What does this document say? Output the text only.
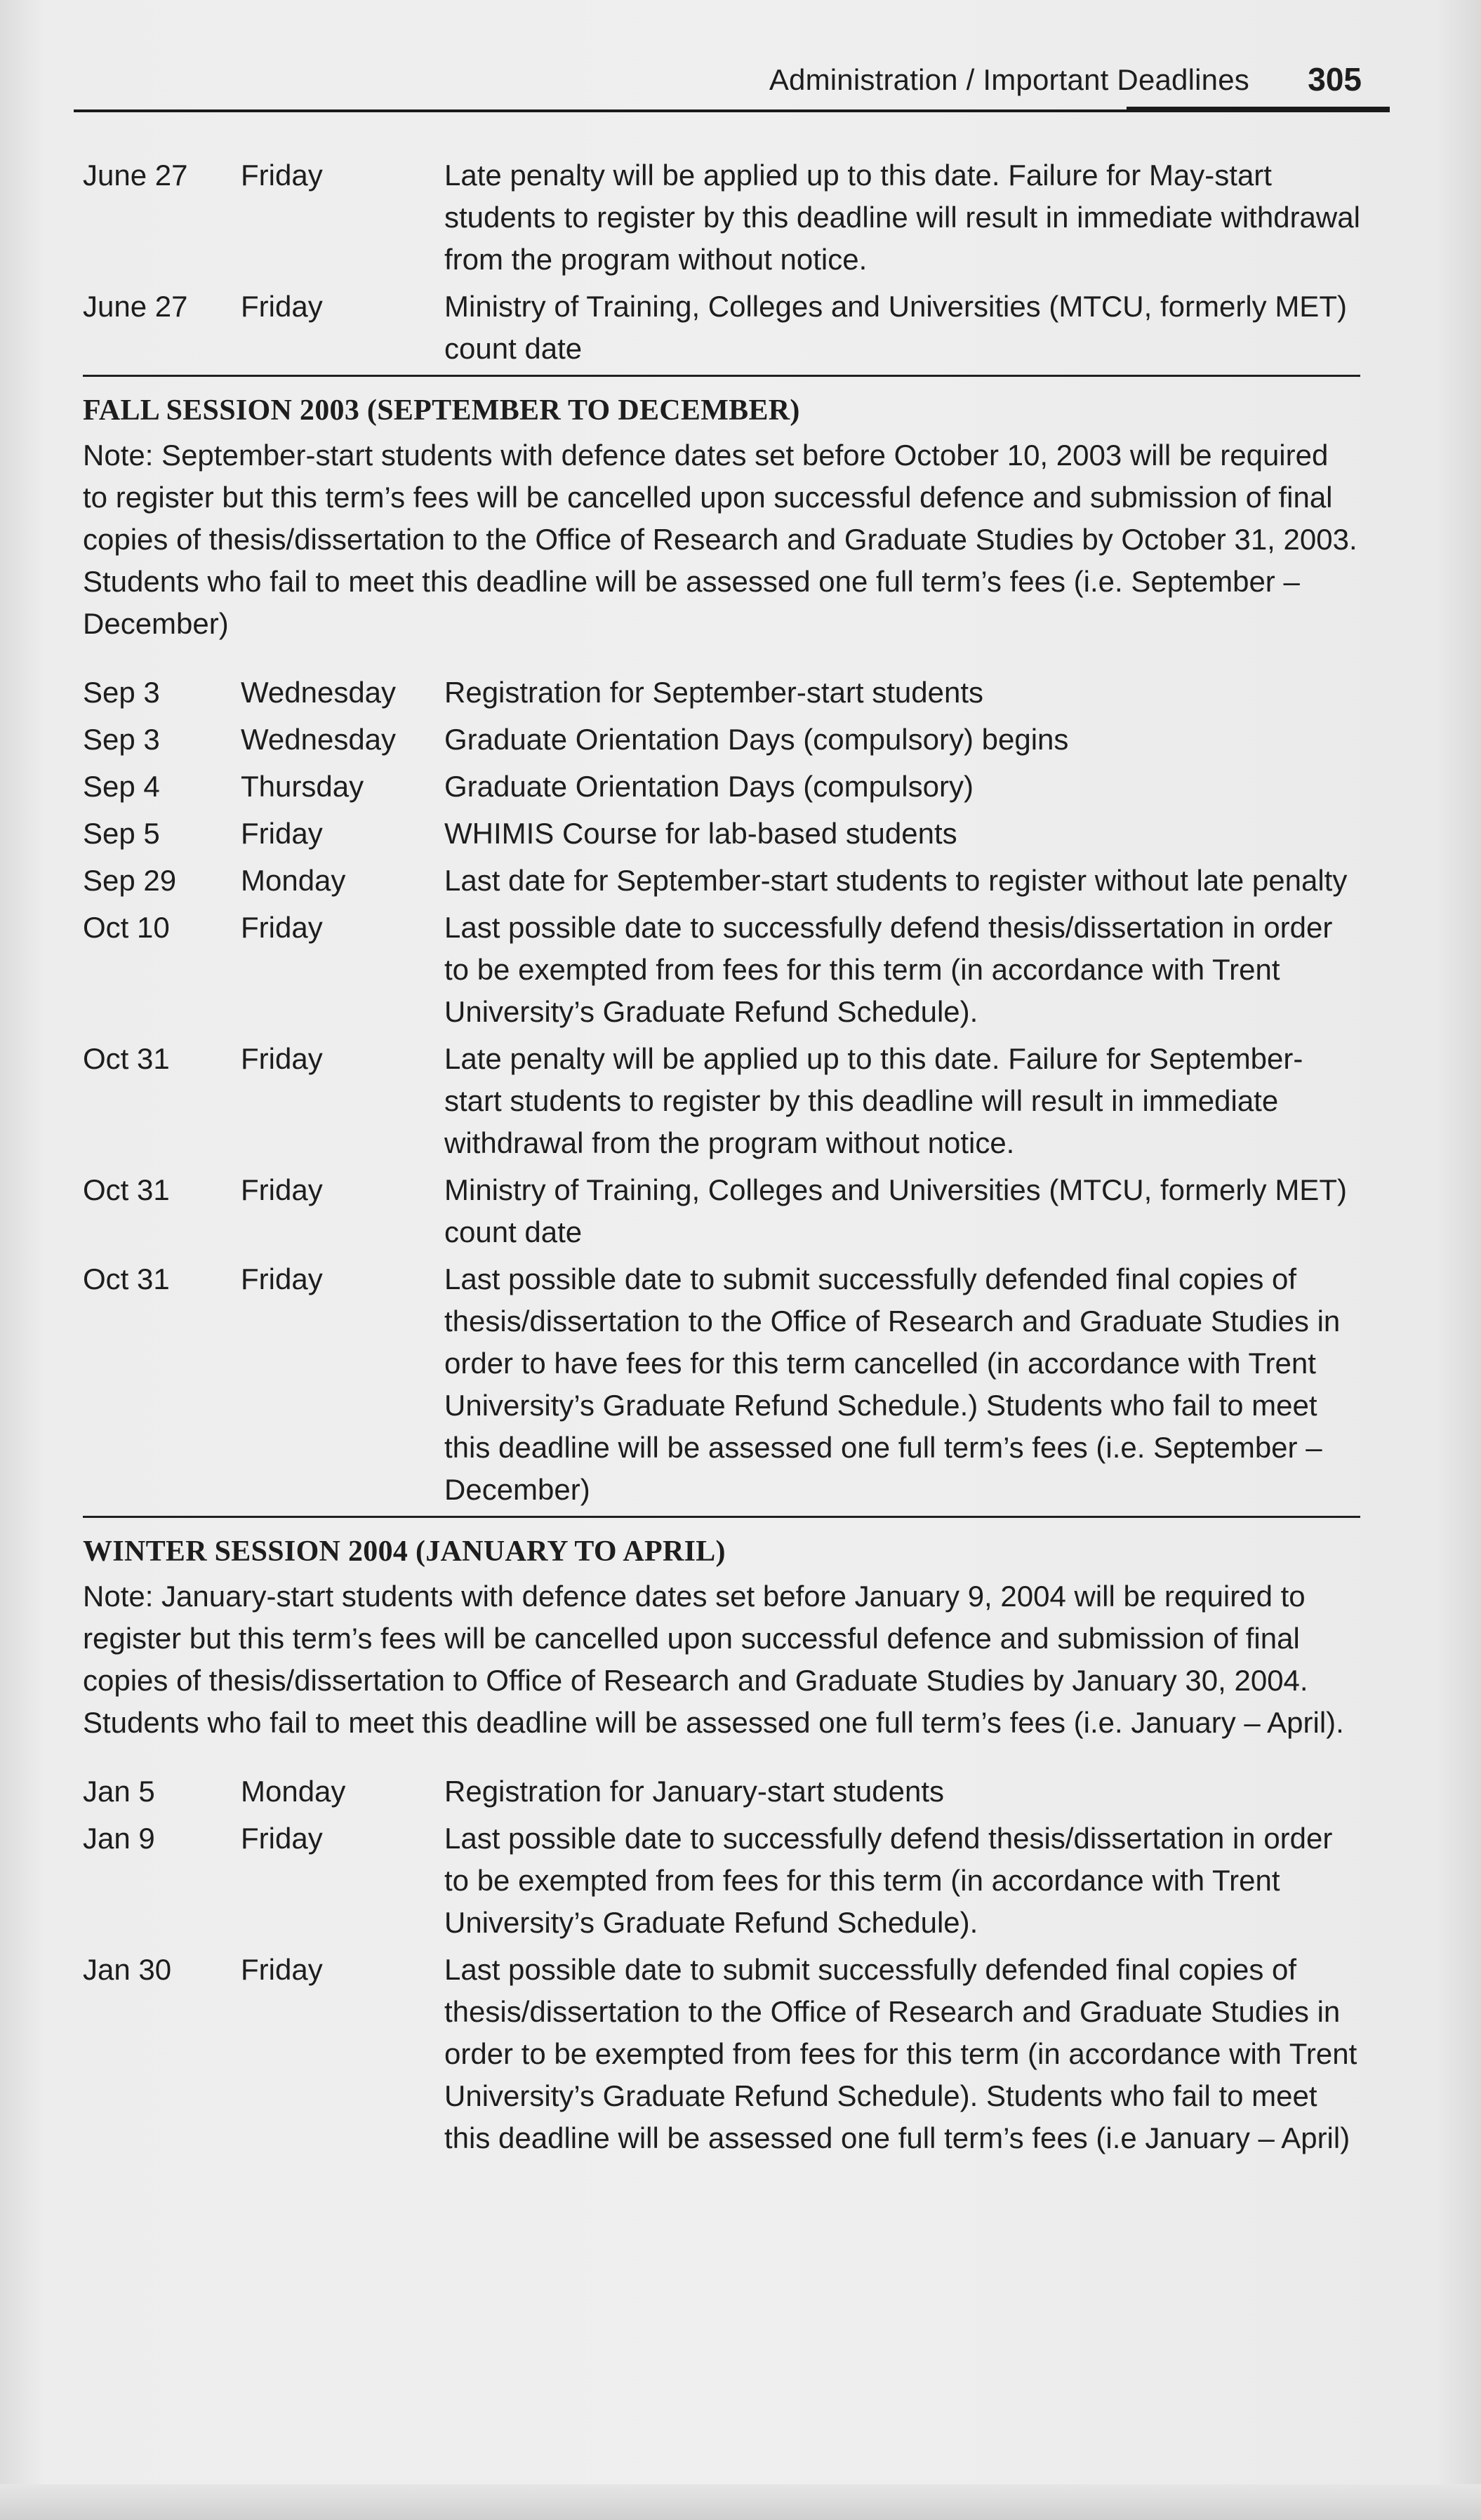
Administration / Important Deadlines 305
June 27	Friday	Late penalty will be applied up to this date. Failure for May-start students to register by this deadline will result in immediate withdrawal from the program without notice.
June 27	Friday	Ministry of Training, Colleges and Universities (MTCU, formerly MET) count date
FALL SESSION 2003 (SEPTEMBER TO DECEMBER)
Note: September-start students with defence dates set before October 10, 2003 will be required to register but this term’s fees will be cancelled upon successful defence and submission of final copies of thesis/dissertation to the Office of Research and Graduate Studies by October 31, 2003. Students who fail to meet this deadline will be assessed one full term’s fees (i.e. September – December)
Sep 3	Wednesday	Registration for September-start students
Sep 3	Wednesday	Graduate Orientation Days (compulsory) begins
Sep 4	Thursday	Graduate Orientation Days (compulsory)
Sep 5	Friday	WHIMIS Course for lab-based students
Sep 29	Monday	Last date for September-start students to register without late penalty
Oct 10	Friday	Last possible date to successfully defend thesis/dissertation in order to be exempted from fees for this term (in accordance with Trent University’s Graduate Refund Schedule).
Oct 31	Friday	Late penalty will be applied up to this date. Failure for September-start students to register by this deadline will result in immediate withdrawal from the program without notice.
Oct 31	Friday	Ministry of Training, Colleges and Universities (MTCU, formerly MET) count date
Oct 31	Friday	Last possible date to submit successfully defended final copies of thesis/dissertation to the Office of Research and Graduate Studies in order to have fees for this term cancelled (in accordance with Trent University’s Graduate Refund Schedule.) Students who fail to meet this deadline will be assessed one full term’s fees (i.e. September – December)
WINTER SESSION 2004 (JANUARY TO APRIL)
Note: January-start students with defence dates set before January 9, 2004 will be required to register but this term’s fees will be cancelled upon successful defence and submission of final copies of thesis/dissertation to Office of Research and Graduate Studies by January 30, 2004. Students who fail to meet this deadline will be assessed one full term’s fees (i.e. January – April).
Jan 5	Monday	Registration for January-start students
Jan 9	Friday	Last possible date to successfully defend thesis/dissertation in order to be exempted from fees for this term (in accordance with Trent University’s Graduate Refund Schedule).
Jan 30	Friday	Last possible date to submit successfully defended final copies of thesis/dissertation to the Office of Research and Graduate Studies in order to be exempted from fees for this term (in accordance with Trent University’s Graduate Refund Schedule). Students who fail to meet this deadline will be assessed one full term’s fees (i.e January – April)
